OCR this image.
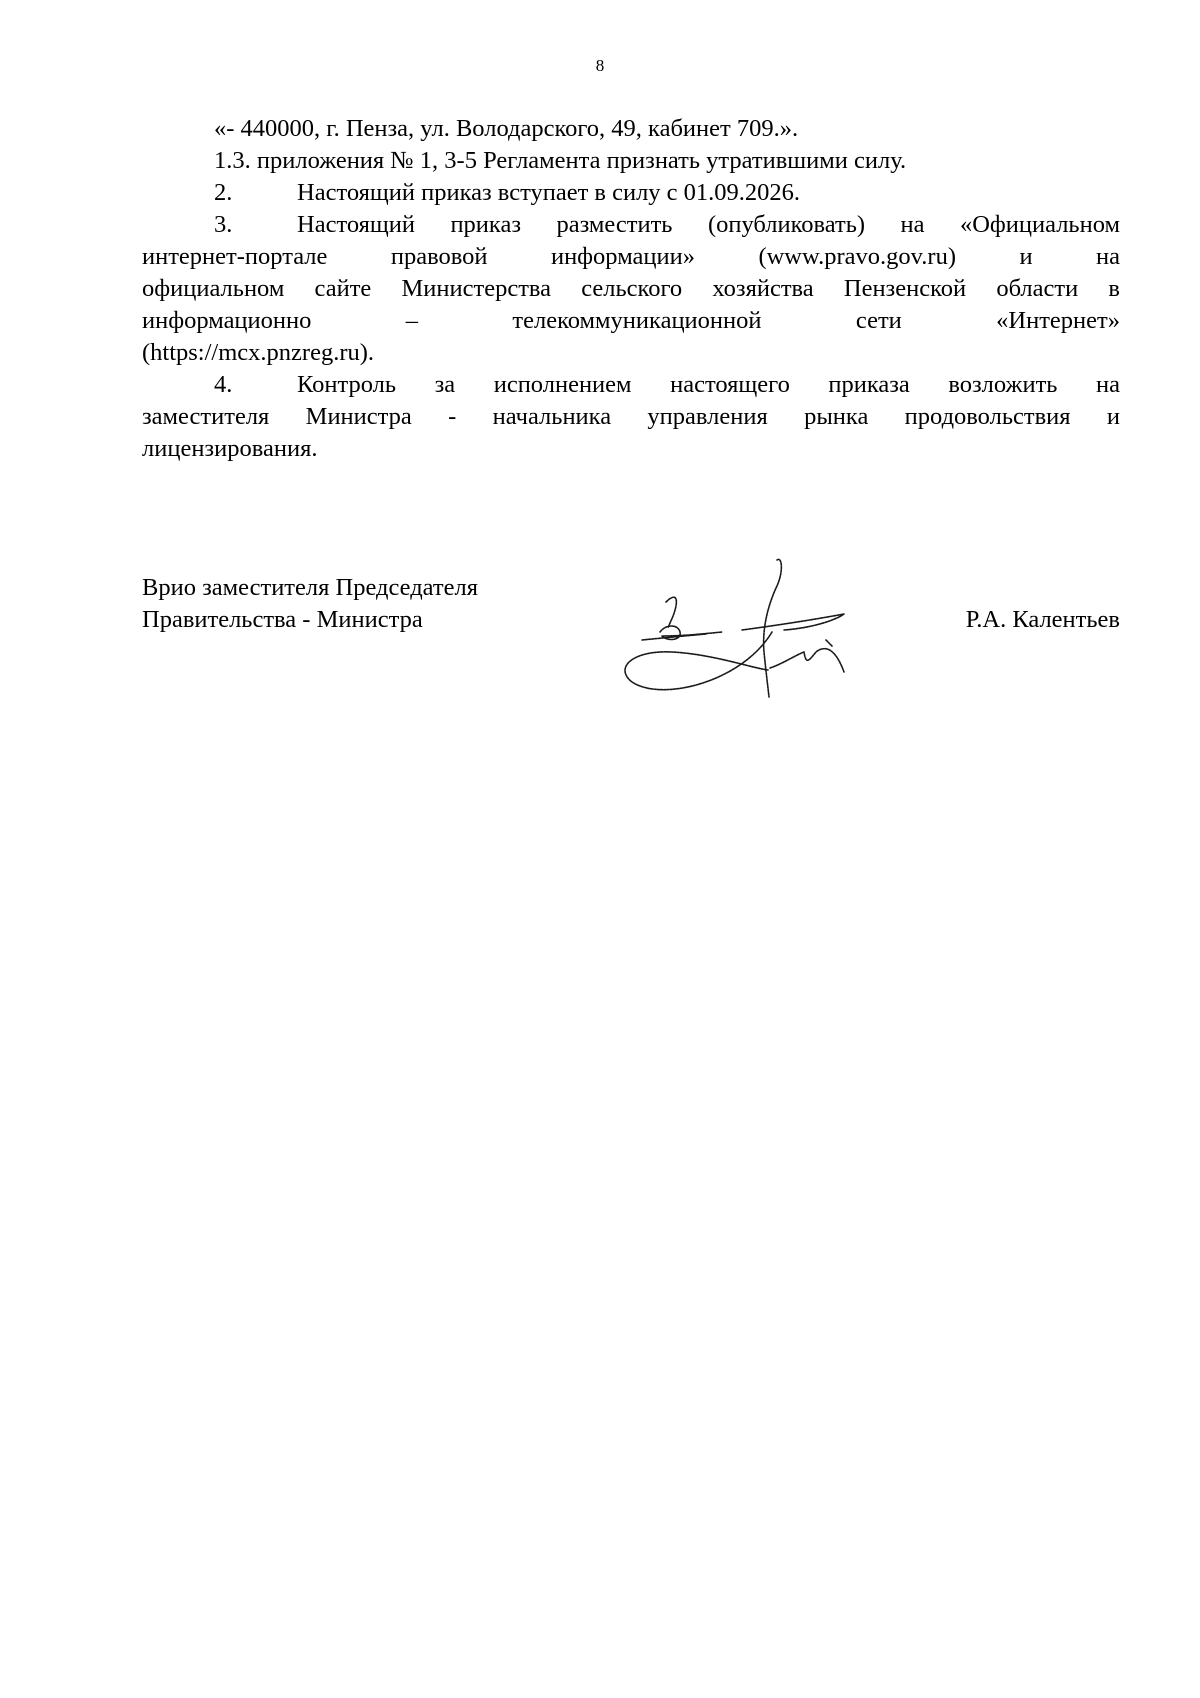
8
«- 440000, г. Пенза, ул. Володарского, 49, кабинет 709.».
1.3. приложения № 1, 3-5 Регламента признать утратившими силу.
2.	Настоящий приказ вступает в силу с 01.09.2026.
3.	Настоящий приказ разместить (опубликовать) на «Официальном
интернет-портале правовой информации» (www.pravo.gov.ru) и на
официальном сайте Министерства сельского хозяйства Пензенской области в
информационно – телекоммуникационной сети «Интернет»
(https://mcx.pnzreg.ru).
4.	Контроль за исполнением настоящего приказа возложить на
заместителя Министра - начальника управления рынка продовольствия и
лицензирования.
Врио заместителя Председателя
Правительства - Министра	Р.А. Калентьев
